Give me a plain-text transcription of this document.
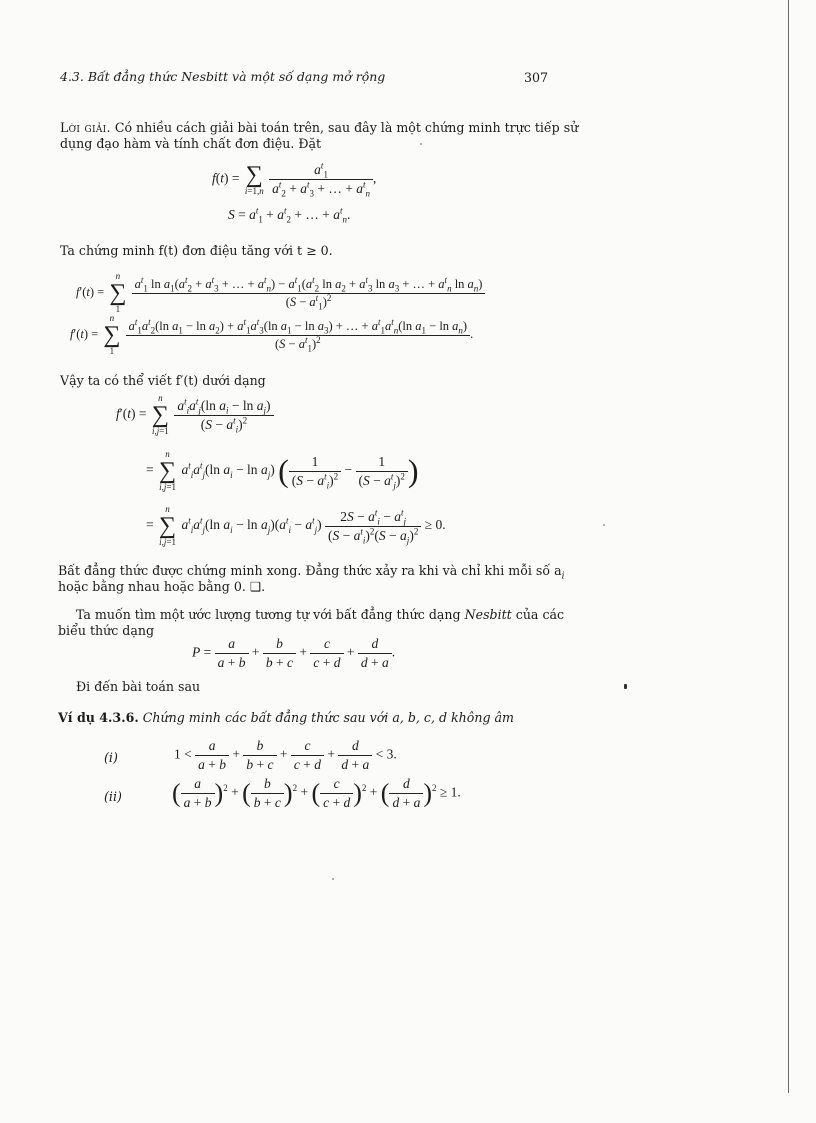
4.3. Bất đẳng thức Nesbitt và một số dạng mở rộng	307
Lời giải. Có nhiều cách giải bài toán trên, sau đây là một chứng minh trực tiếp sử
dụng đạo hàm và tính chất đơn điệu. Đặt
f(t) = ∑
i=1,n
$\frac{a^t_1}{a^t_2 + a^t_3 + \dots + a^t_n}$ ,
$S = a^t_1 + a^t_2$ + … + $a^t_n$.
Ta chứng minh f(t) đơn điệu tăng với t ≥ 0.
f′(t) =
n
∑
1

$a^t_1$ $\ln a_1(a^t_2 + a^t_3$ + … + $a^t_n) - a^t_1(a^t_2$ $\ln a_2 + a^t_3$ $\ln a_3$ + … + $a^t_n$ $\ln a_n$)
$(S - a^t_1)^2$
f′(t) =
n
∑
1

$a^t_1a^t_2(\ln$ $a_1 - \ln a_2) + a^t_1a^t_3(\ln$ $a_1 - \ln a_3$) + … + $a^t_1a^t_n(\ln$ $a_1 - \ln a_n$)
$(S - a^t_1)^2$	.
Vậy ta có thể viết f′(t) dưới dạng
f′(t) =
n
∑
i,j=1
$\frac{a^t_ia^t_j(\ln a_i - \ln a_j)}{(S - a^t_i)^2}$
=
n
∑
i,j=1
$a^t_ia^t_j(\ln$ $a_i - \ln a_j$) ( $\frac{1}{(S - a^t_i)^2} - \frac{1}{(S - a^t_j)^2}$ )
=
n
∑
i,j=1
$a^t_ia^t_j(\ln$ $a_i - \ln a_j)(a^t_i - a^t_j) \frac{2S - a^t_i - a^t_j}{(S - a^t_i)^2(S - a_j)^2} \ge 0$.
Bất đẳng thức được chứng minh xong. Đẳng thức xảy ra khi và chỉ khi mỗi số $a_i$
hoặc bằng nhau hoặc bằng 0. ❑.
Ta muốn tìm một ước lượng tương tự với bất đẳng thức dạng Nesbitt của các
biểu thức dạng
$P = \frac{a}{a + b} + \frac{b}{b + c} + \frac{c}{c + d} + \frac{d}{d + a}$ .
Đi đến bài toán sau
Ví dụ 4.3.6. Chứng minh các bất đẳng thức sau với a, b, c, d không âm
(i)	$1 < \frac{a}{a + b} + \frac{b}{b + c} + \frac{c}{c + d} + \frac{d}{d + a} < 3$.
(ii) ( $\frac{a}{a + b} )^2$ + ( $\frac{b}{b + c} )^2$ + ( $\frac{c}{c + d} )^2$ + ( $\frac{d}{d + a} )^2 \ge 1$.
